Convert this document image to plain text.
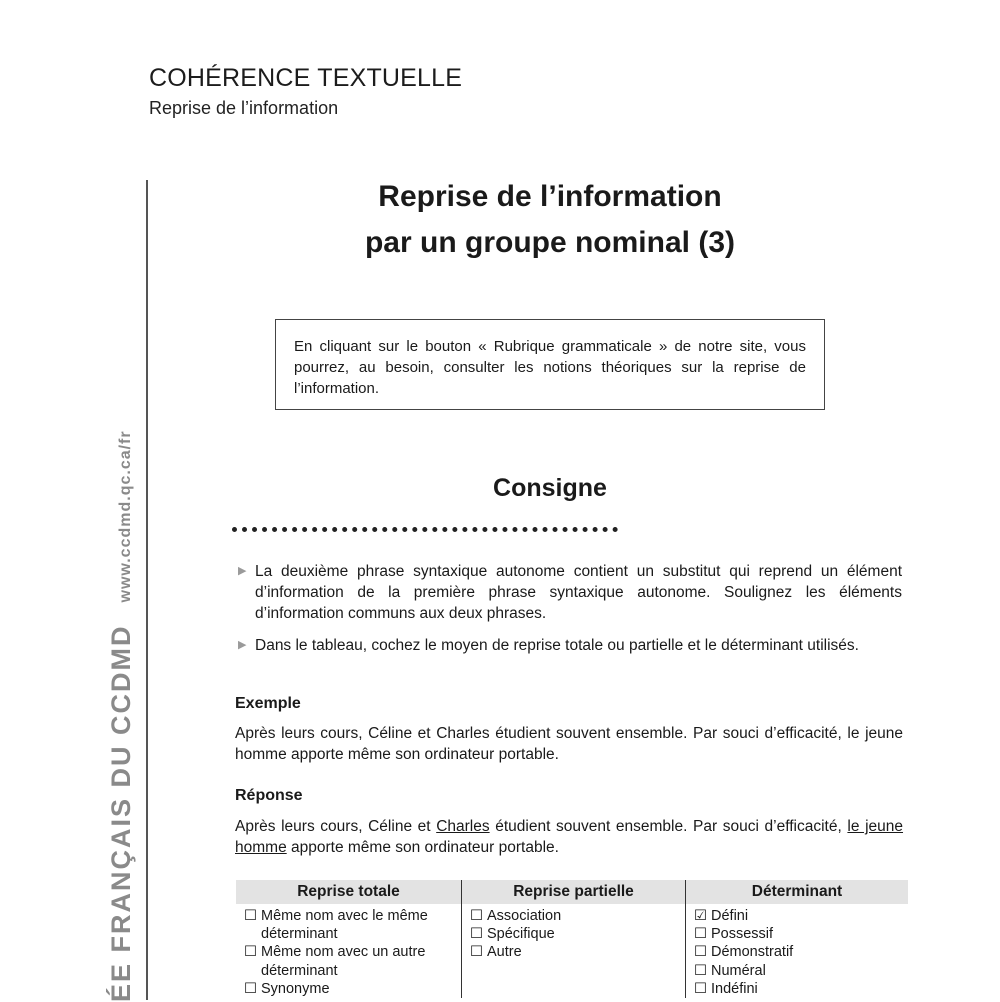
COHÉRENCE TEXTUELLE
Reprise de l’information
ÉE FRANÇAIS DU CCDMD
www.ccdmd.qc.ca/fr
Reprise de l’information
par un groupe nominal (3)
En cliquant sur le bouton « Rubrique grammaticale » de notre site, vous pourrez, au besoin, consulter les notions théoriques sur la reprise de l’information.
Consigne
▶ La deuxième phrase syntaxique autonome contient un substitut qui reprend un élément d’information de la première phrase syntaxique autonome. Soulignez les éléments d’information communs aux deux phrases.
▶ Dans le tableau, cochez le moyen de reprise totale ou partielle et le déterminant utilisés.
Exemple
Après leurs cours, Céline et Charles étudient souvent ensemble. Par souci d’efficacité, le jeune homme apporte même son ordinateur portable.
Réponse
Après leurs cours, Céline et Charles étudient souvent ensemble. Par souci d’efficacité, le jeune homme apporte même son ordinateur portable.
Reprise totale	Reprise partielle	Déterminant
☐ Même nom avec le même déterminant
☐ Même nom avec un autre déterminant
☐ Synonyme
☐ Association
☐ Spécifique
☐ Autre
☑ Défini
☐ Possessif
☐ Démonstratif
☐ Numéral
☐ Indéfini
